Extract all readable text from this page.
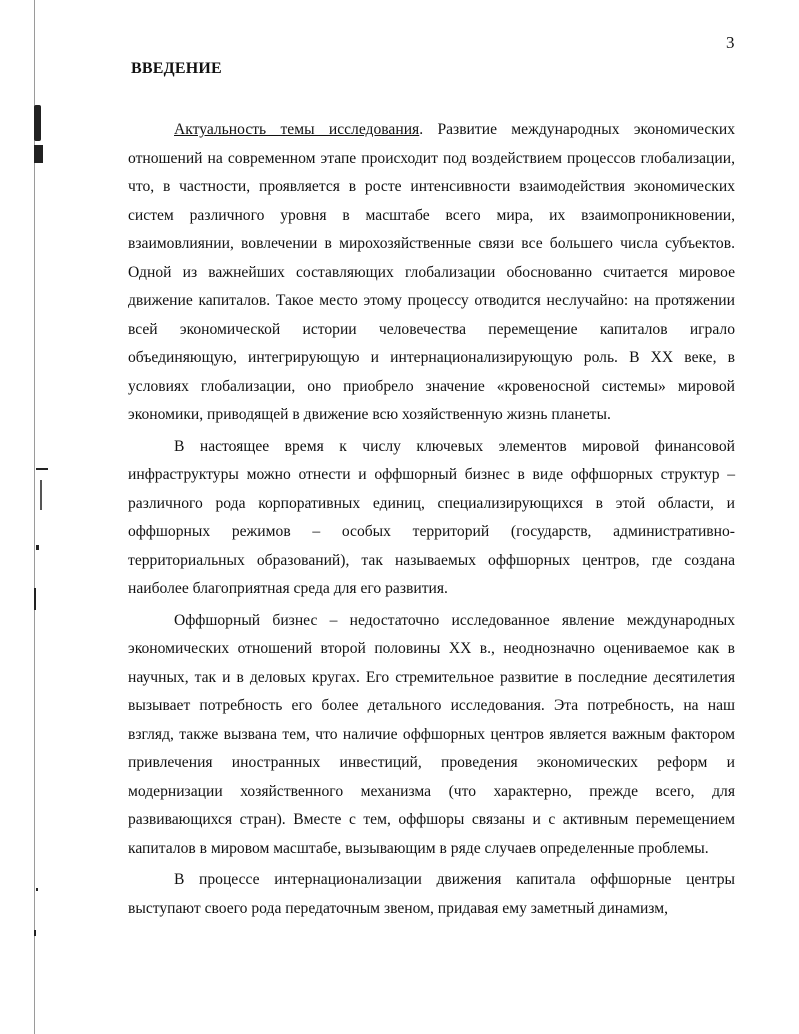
3
ВВЕДЕНИЕ

Актуальность темы исследования. Развитие международных экономических отношений на современном этапе происходит под воздействием процессов глобализации, что, в частности, проявляется в росте интенсивности взаимодействия экономических систем различного уровня в масштабе всего мира, их взаимопроникновении, взаимовлиянии, вовлечении в мирохозяйственные связи все большего числа субъектов. Одной из важнейших составляющих глобализации обоснованно считается мировое движение капиталов. Такое место этому процессу отводится неслучайно: на протяжении всей экономической истории человечества перемещение капиталов играло объединяющую, интегрирующую и интернационализирующую роль. В XX веке, в условиях глобализации, оно приобрело значение «кровеносной системы» мировой экономики, приводящей в движение всю хозяйственную жизнь планеты.

В настоящее время к числу ключевых элементов мировой финансовой инфраструктуры можно отнести и оффшорный бизнес в виде оффшорных структур – различного рода корпоративных единиц, специализирующихся в этой области, и оффшорных режимов – особых территорий (государств, административно-территориальных образований), так называемых оффшорных центров, где создана наиболее благоприятная среда для его развития.

Оффшорный бизнес – недостаточно исследованное явление международных экономических отношений второй половины XX в., неоднозначно оцениваемое как в научных, так и в деловых кругах. Его стремительное развитие в последние десятилетия вызывает потребность его более детального исследования. Эта потребность, на наш взгляд, также вызвана тем, что наличие оффшорных центров является важным фактором привлечения иностранных инвестиций, проведения экономических реформ и модернизации хозяйственного механизма (что характерно, прежде всего, для развивающихся стран). Вместе с тем, оффшоры связаны и с активным перемещением капиталов в мировом масштабе, вызывающим в ряде случаев определенные проблемы.

В процессе интернационализации движения капитала оффшорные центры выступают своего рода передаточным звеном, придавая ему заметный динамизм,
